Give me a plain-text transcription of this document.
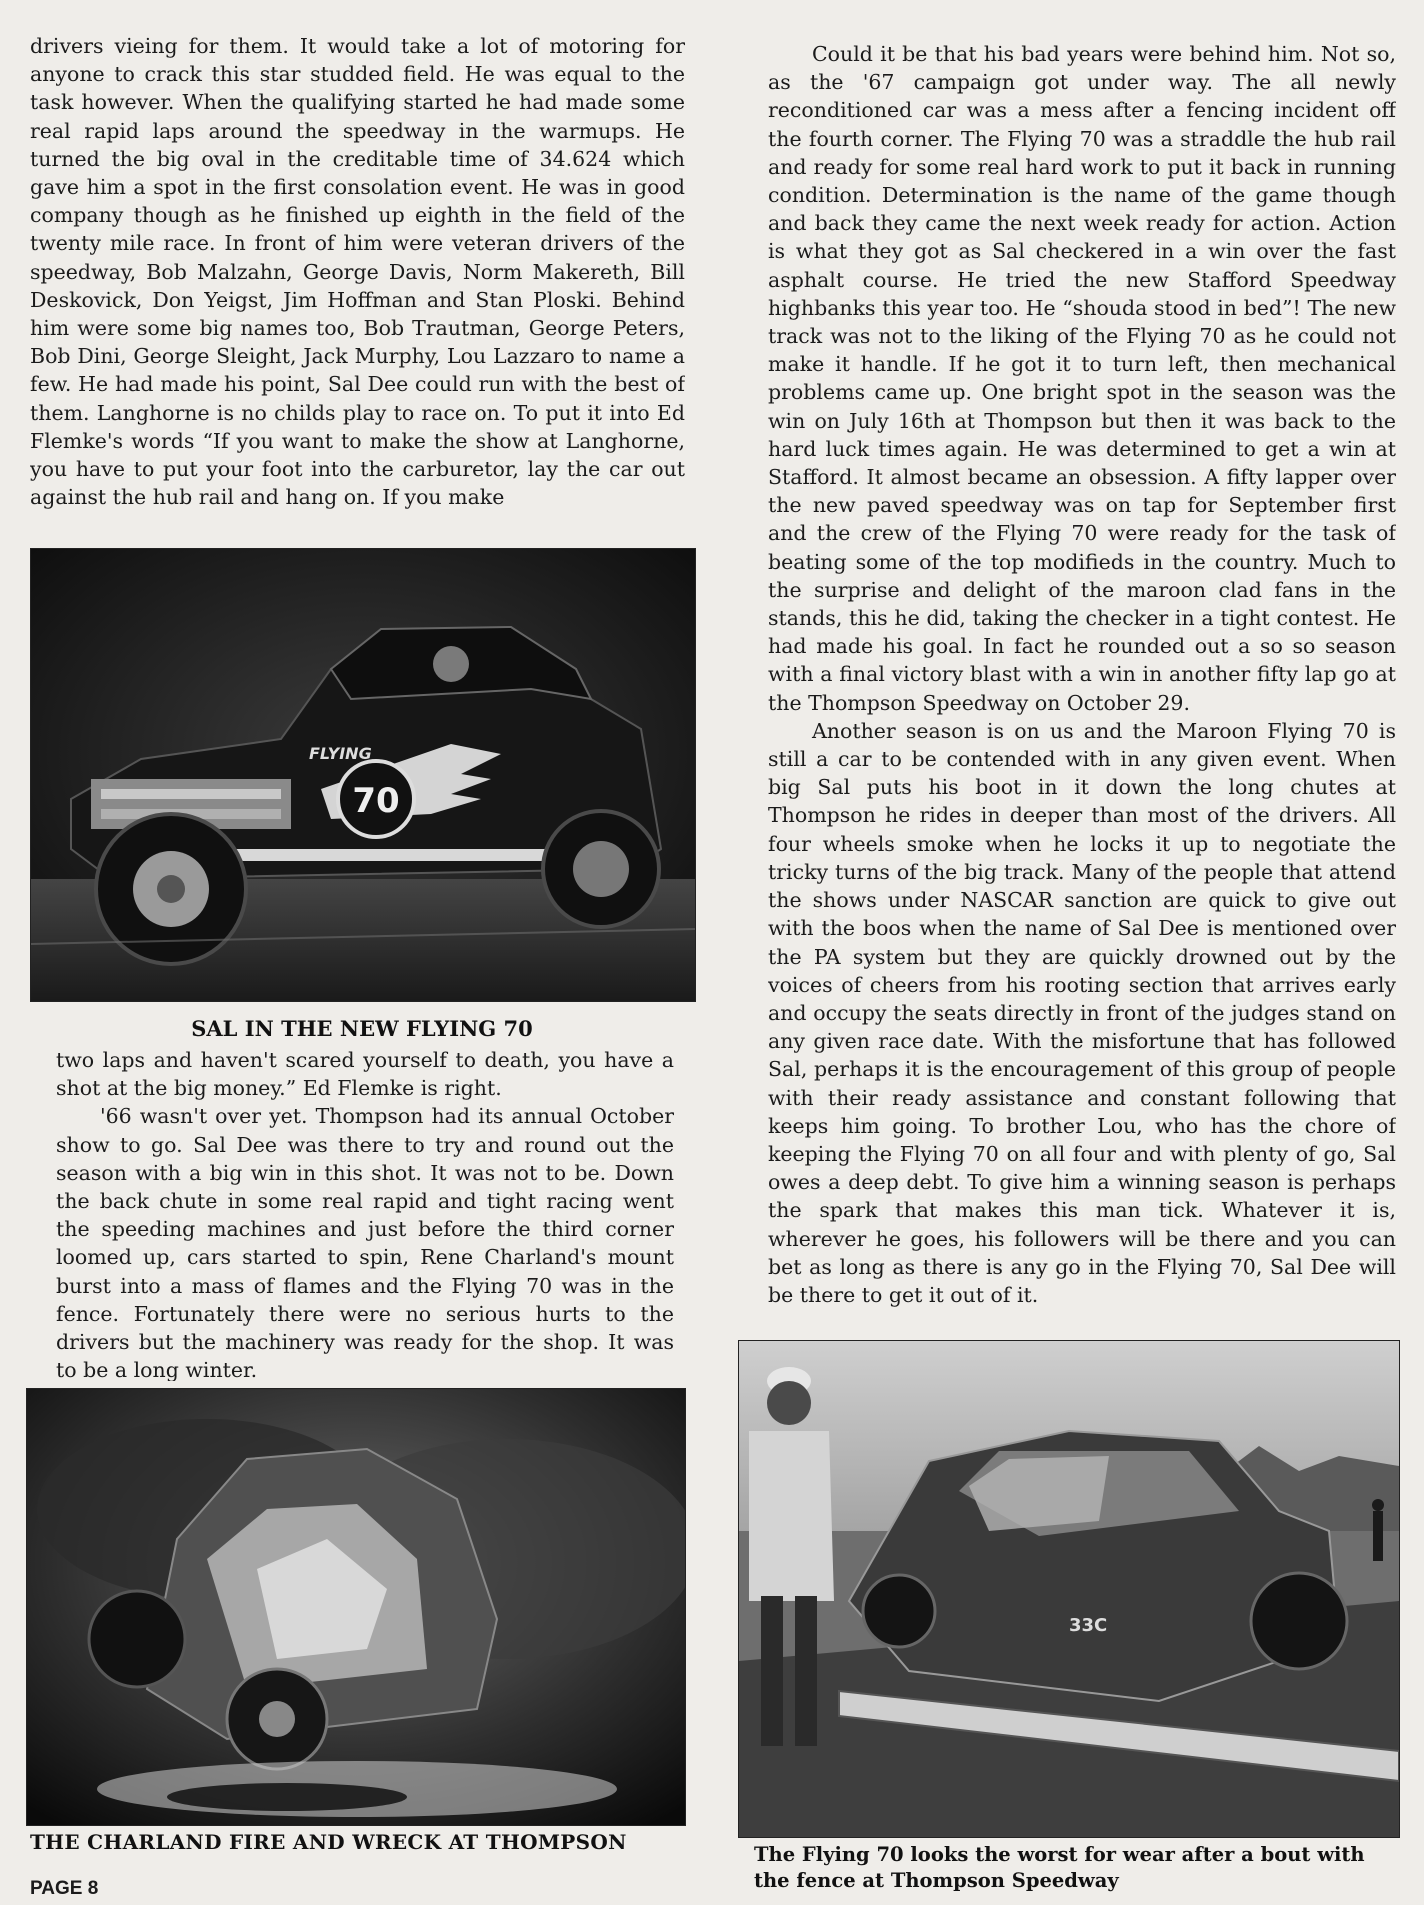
drivers vieing for them. It would take a lot of motoring for anyone to crack this star studded field. He was equal to the task however. When the qualifying started he had made some real rapid laps around the speedway in the warmups. He turned the big oval in the creditable time of 34.624 which gave him a spot in the first consolation event. He was in good company though as he finished up eighth in the field of the twenty mile race. In front of him were veteran drivers of the speedway, Bob Malzahn, George Davis, Norm Makereth, Bill Deskovick, Don Yeigst, Jim Hoffman and Stan Ploski. Behind him were some big names too, Bob Trautman, George Peters, Bob Dini, George Sleight, Jack Murphy, Lou Lazzaro to name a few. He had made his point, Sal Dee could run with the best of them. Langhorne is no childs play to race on. To put it into Ed Flemke's words “If you want to make the show at Langhorne, you have to put your foot into the carburetor, lay the car out against the hub rail and hang on. If you make

70
FLYING
SAL IN THE NEW FLYING 70

two laps and haven't scared yourself to death, you have a shot at the big money.” Ed Flemke is right.

'66 wasn't over yet. Thompson had its annual October show to go. Sal Dee was there to try and round out the season with a big win in this shot. It was not to be. Down the back chute in some real rapid and tight racing went the speeding machines and just before the third corner loomed up, cars started to spin, Rene Charland's mount burst into a mass of flames and the Flying 70 was in the fence. Fortunately there were no serious hurts to the drivers but the machinery was ready for the shop. It was to be a long winter.

THE CHARLAND FIRE AND WRECK AT THOMPSON
PAGE 8

Could it be that his bad years were behind him. Not so, as the '67 campaign got under way. The all newly reconditioned car was a mess after a fencing incident off the fourth corner. The Flying 70 was a straddle the hub rail and ready for some real hard work to put it back in running condition. Determination is the name of the game though and back they came the next week ready for action. Action is what they got as Sal checkered in a win over the fast asphalt course. He tried the new Stafford Speedway highbanks this year too. He “shouda stood in bed”! The new track was not to the liking of the Flying 70 as he could not make it handle. If he got it to turn left, then mechanical problems came up. One bright spot in the season was the win on July 16th at Thompson but then it was back to the hard luck times again. He was determined to get a win at Stafford. It almost became an obsession. A fifty lapper over the new paved speedway was on tap for September first and the crew of the Flying 70 were ready for the task of beating some of the top modifieds in the country. Much to the surprise and delight of the maroon clad fans in the stands, this he did, taking the checker in a tight contest. He had made his goal. In fact he rounded out a so so season with a final victory blast with a win in another fifty lap go at the Thompson Speedway on October 29.

Another season is on us and the Maroon Flying 70 is still a car to be contended with in any given event. When big Sal puts his boot in it down the long chutes at Thompson he rides in deeper than most of the drivers. All four wheels smoke when he locks it up to negotiate the tricky turns of the big track. Many of the people that attend the shows under NASCAR sanction are quick to give out with the boos when the name of Sal Dee is mentioned over the PA system but they are quickly drowned out by the voices of cheers from his rooting section that arrives early and occupy the seats directly in front of the judges stand on any given race date. With the misfortune that has followed Sal, perhaps it is the encouragement of this group of people with their ready assistance and constant following that keeps him going. To brother Lou, who has the chore of keeping the Flying 70 on all four and with plenty of go, Sal owes a deep debt. To give him a winning season is perhaps the spark that makes this man tick. Whatever it is, wherever he goes, his followers will be there and you can bet as long as there is any go in the Flying 70, Sal Dee will be there to get it out of it.

33C
The Flying 70 looks the worst for wear after a bout with the fence at Thompson Speedway
